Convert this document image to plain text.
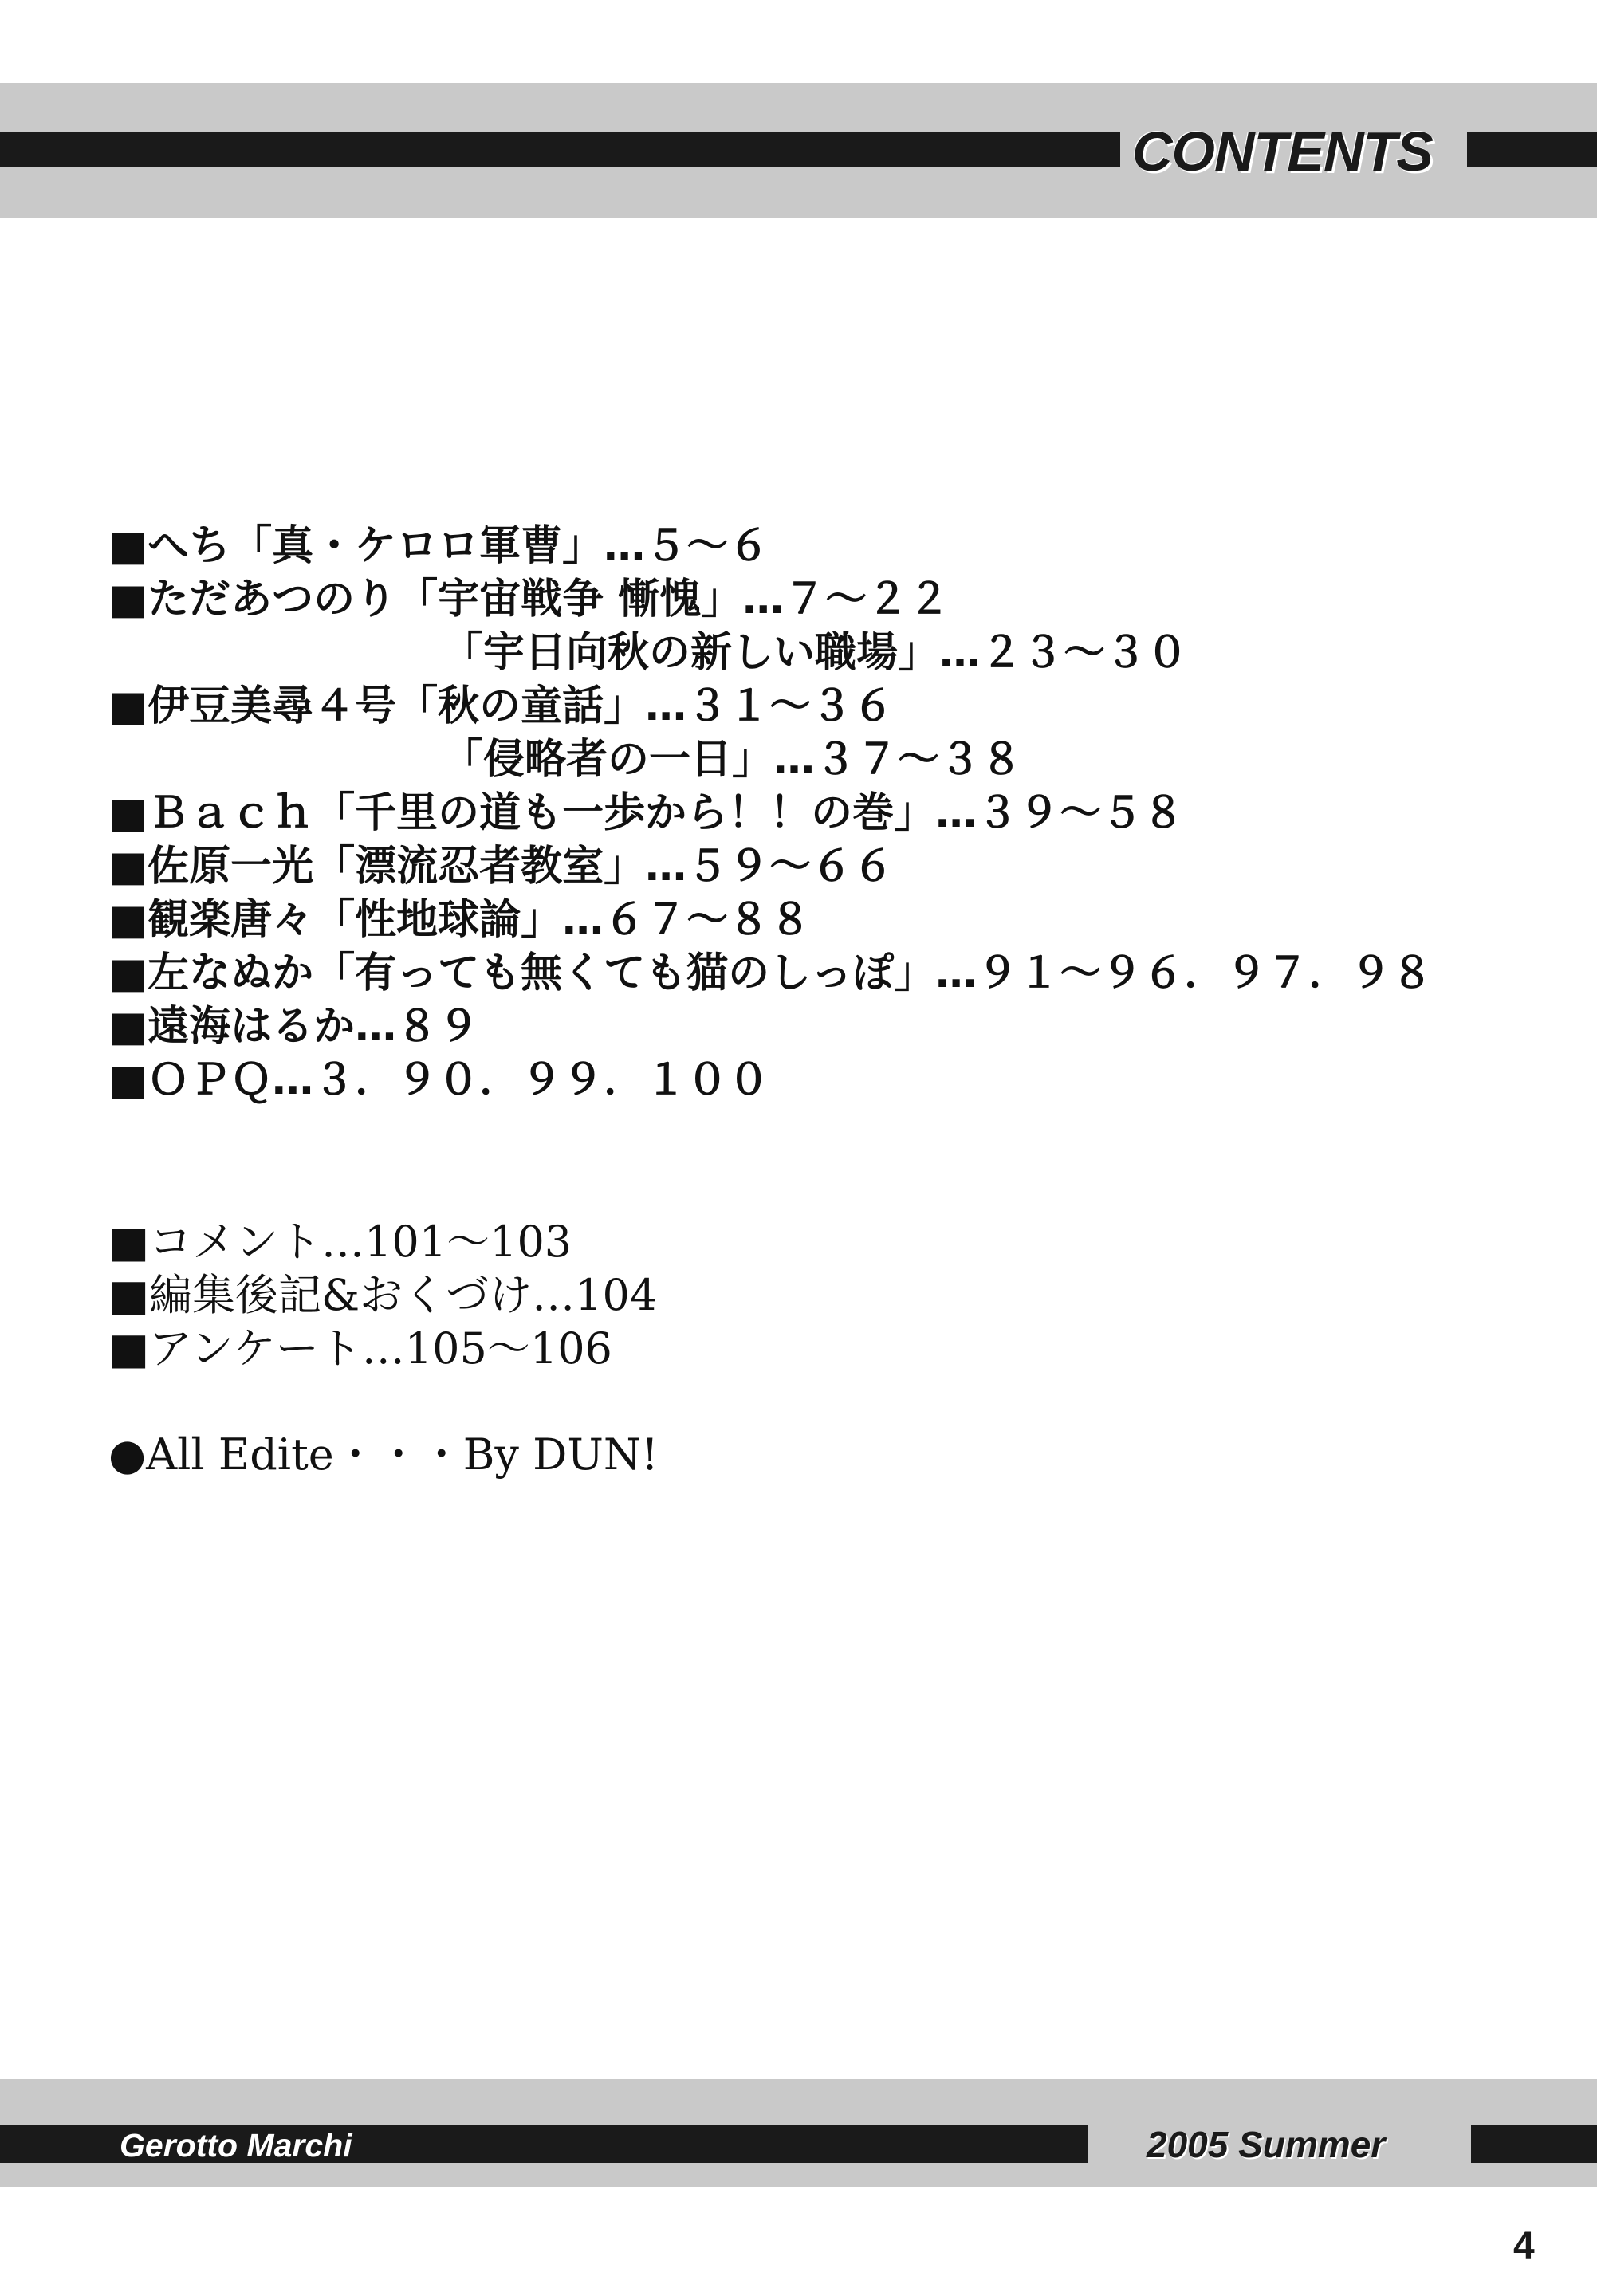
CONTENTS
■へち「真・ケロロ軍曹」…５～６
■ただあつのり「宇宙戦争 慚愧」…７～２２
「宇日向秋の新しい職場」…２３～３０
■伊豆美尋４号「秋の童話」…３１～３６
「侵略者の一日」…３７～３８
■Ｂａｃｈ「千里の道も一歩から！！の巻」…３９～５８
■佐原一光「漂流忍者教室」…５９～６６
■観楽唐々「性地球論」…６７～８８
■左なぬか「有っても無くても猫のしっぽ」…９１～９６．９７．９８
■遠海はるか…８９
■ＯＰＱ…３．９０．９９．１００
■コメント…101～103
■編集後記&おくづけ…104
■アンケート…105～106
●All Edite・・・By DUN!
Gerotto Marchi	2005 Summer
4
